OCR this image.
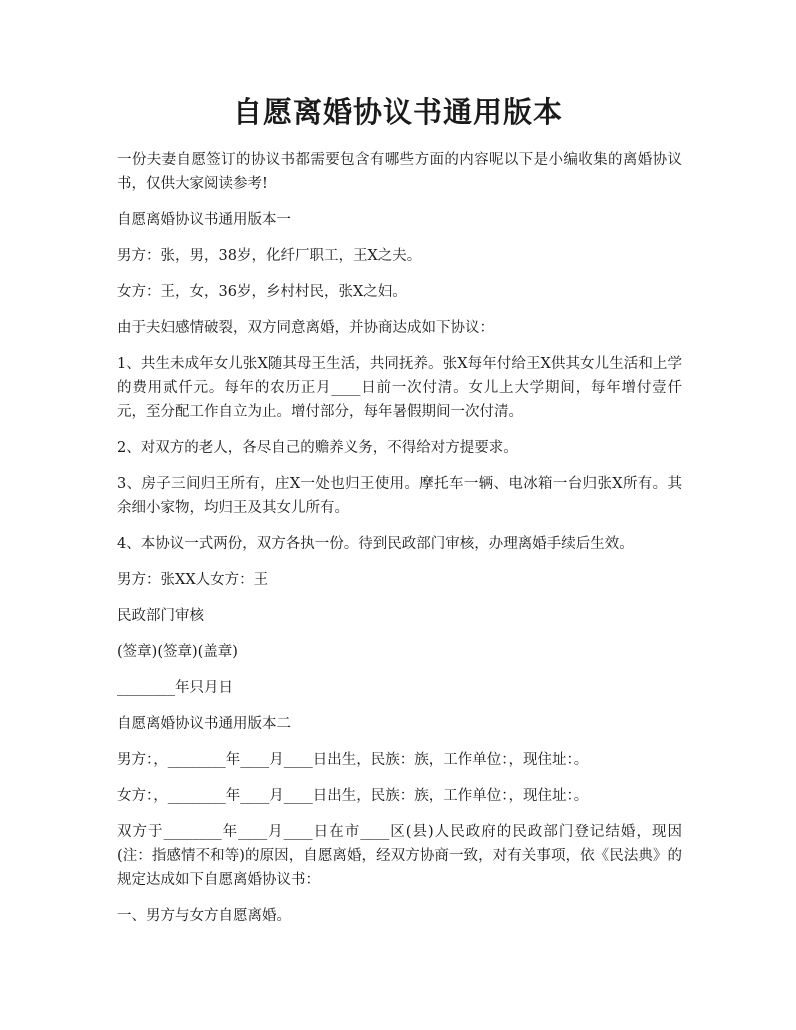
自愿离婚协议书通用版本

一份夫妻自愿签订的协议书都需要包含有哪些方面的内容呢以下是小编收集的离婚协议书，仅供大家阅读参考!

自愿离婚协议书通用版本一

男方：张，男，38岁，化纤厂职工，王X之夫。

女方：王，女，36岁，乡村村民，张X之妇。

由于夫妇感情破裂，双方同意离婚，并协商达成如下协议：

1、共生未成年女儿张X随其母王生活，共同抚养。张X每年付给王X供其女儿生活和上学的费用贰仟元。每年的农历正月____日前一次付清。女儿上大学期间，每年增付壹仟元，至分配工作自立为止。增付部分，每年暑假期间一次付清。

2、对双方的老人，各尽自己的赡养义务，不得给对方提要求。

3、房子三间归王所有，庄X一处也归王使用。摩托车一辆、电冰箱一台归张X所有。其余细小家物，均归王及其女儿所有。

4、本协议一式两份，双方各执一份。待到民政部门审核，办理离婚手续后生效。

男方：张XX人女方：王

民政部门审核

(签章)(签章)(盖章)

________年只月日

自愿离婚协议书通用版本二

男方：，________年____月____日出生，民族：族，工作单位：，现住址：。

女方：，________年____月____日出生，民族：族，工作单位：，现住址：。

双方于________年____月____日在市____区(县)人民政府的民政部门登记结婚，现因(注：指感情不和等)的原因，自愿离婚，经双方协商一致，对有关事项，依《民法典》的规定达成如下自愿离婚协议书：

一、男方与女方自愿离婚。
